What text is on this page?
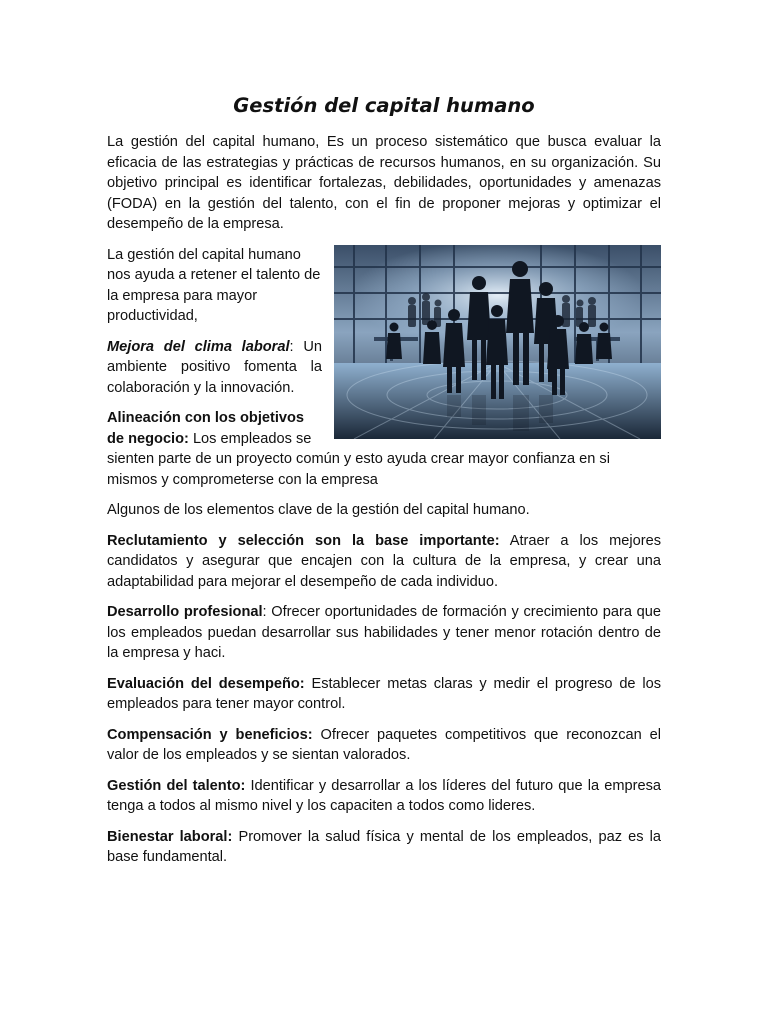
Gestión del capital humano

La gestión del capital humano, Es un proceso sistemático que busca evaluar la eficacia de las estrategias y prácticas de recursos humanos, en su organización. Su objetivo principal es identificar fortalezas, debilidades, oportunidades y amenazas (FODA) en la gestión del talento, con el fin de proponer mejoras y optimizar el desempeño de la empresa.

La gestión del capital humano nos ayuda a retener el talento de la empresa para mayor productividad,

Mejora del clima laboral: Un ambiente positivo fomenta la colaboración y la innovación.

Alineación con los objetivos de negocio: Los empleados se sienten parte de un proyecto común y esto ayuda crear mayor confianza en si mismos y comprometerse con la empresa

Algunos de los elementos clave de la gestión del capital humano.

Reclutamiento y selección son la base importante: Atraer a los mejores candidatos y asegurar que encajen con la cultura de la empresa, y crear una adaptabilidad para mejorar el desempeño de cada individuo.

Desarrollo profesional: Ofrecer oportunidades de formación y crecimiento para que los empleados puedan desarrollar sus habilidades y tener menor rotación dentro de la empresa y haci.

Evaluación del desempeño: Establecer metas claras y medir el progreso de los empleados para tener mayor control.

Compensación y beneficios: Ofrecer paquetes competitivos que reconozcan el valor de los empleados y se sientan valorados.

Gestión del talento: Identificar y desarrollar a los líderes del futuro que la empresa tenga a todos al mismo nivel y los capaciten a todos como lideres.

Bienestar laboral: Promover la salud física y mental de los empleados, paz es la base fundamental.
